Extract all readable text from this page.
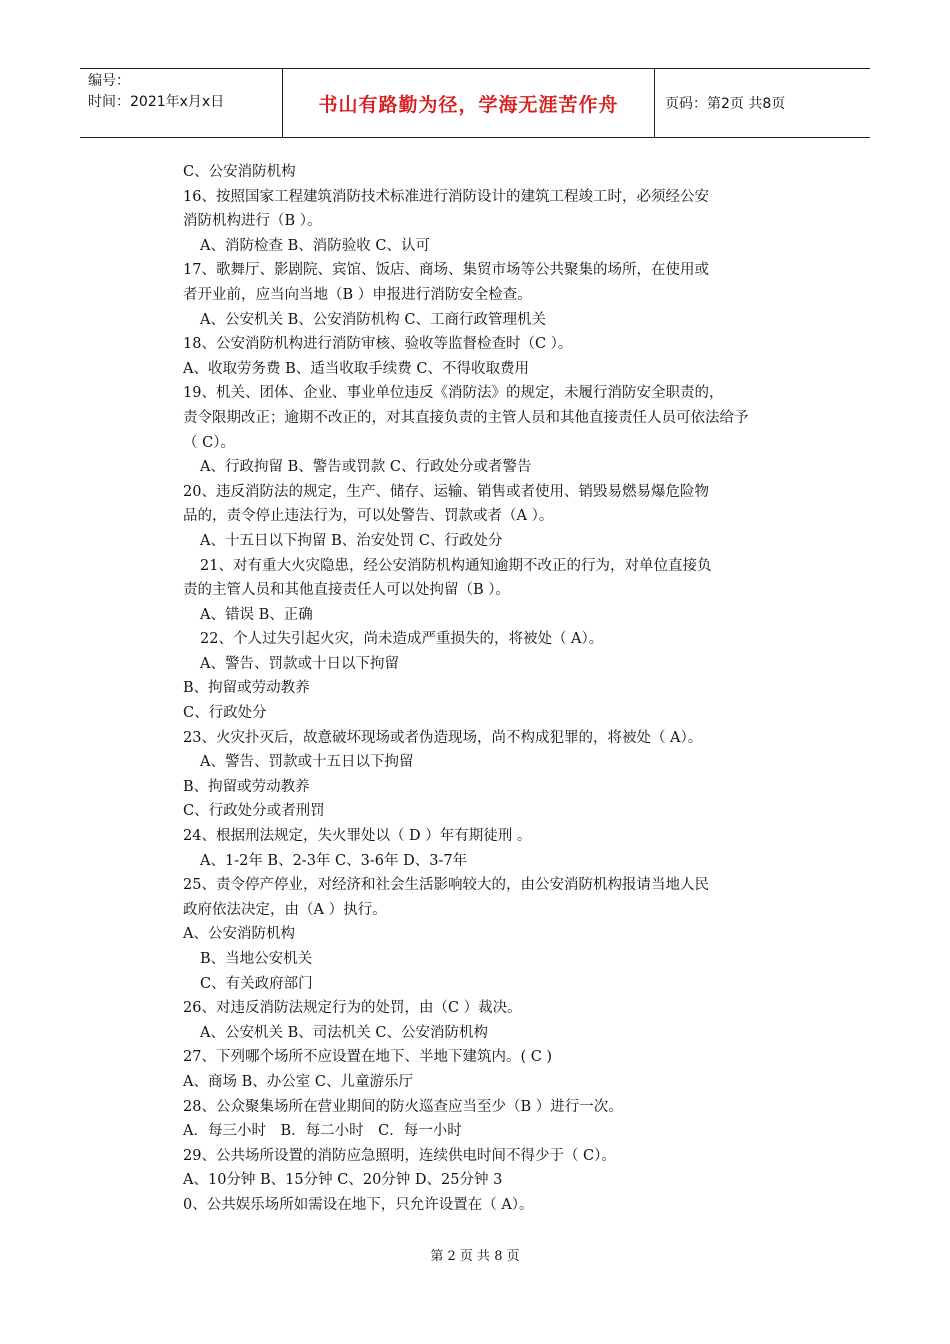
编号：
时间：2021年x月x日	书山有路勤为径，学海无涯苦作舟	页码：第2页 共8页
C、公安消防机构
16、按照国家工程建筑消防技术标准进行消防设计的建筑工程竣工时，必须经公安
消防机构进行（B ）。
A、消防检查 B、消防验收 C、认可
17、歌舞厅、影剧院、宾馆、饭店、商场、集贸市场等公共聚集的场所，在使用或
者开业前，应当向当地（B ）申报进行消防安全检查。
A、公安机关 B、公安消防机构 C、工商行政管理机关
18、公安消防机构进行消防审核、验收等监督检查时（C ）。
A、收取劳务费 B、适当收取手续费 C、不得收取费用
19、机关、团体、企业、事业单位违反《消防法》的规定，未履行消防安全职责的，
责令限期改正；逾期不改正的，对其直接负责的主管人员和其他直接责任人员可依法给予
（ C）。
A、行政拘留 B、警告或罚款 C、行政处分或者警告
20、违反消防法的规定，生产、储存、运输、销售或者使用、销毁易燃易爆危险物
品的，责令停止违法行为，可以处警告、罚款或者（A ）。
A、十五日以下拘留 B、治安处罚 C、行政处分
21、对有重大火灾隐患，经公安消防机构通知逾期不改正的行为，对单位直接负
责的主管人员和其他直接责任人可以处拘留（B ）。
A、错误 B、正确
22、个人过失引起火灾，尚未造成严重损失的，将被处（ A）。
A、警告、罚款或十日以下拘留
B、拘留或劳动教养
C、行政处分
23、火灾扑灭后，故意破坏现场或者伪造现场，尚不构成犯罪的，将被处（ A）。
A、警告、罚款或十五日以下拘留
B、拘留或劳动教养
C、行政处分或者刑罚
24、根据刑法规定，失火罪处以（ D ）年有期徒刑 。
A、1-2年 B、2-3年 C、3-6年 D、3-7年
25、责令停产停业，对经济和社会生活影响较大的，由公安消防机构报请当地人民
政府依法决定，由（A ）执行。
A、公安消防机构
B、当地公安机关
C、有关政府部门
26、对违反消防法规定行为的处罚，由（C ）裁决。
A、公安机关 B、司法机关 C、公安消防机构
27、下列哪个场所不应设置在地下、半地下建筑内。( C )
A、商场 B、办公室 C、儿童游乐厅
28、公众聚集场所在营业期间的防火巡查应当至少（B ）进行一次。
A．每三小时　B．每二小时　C．每一小时
29、公共场所设置的消防应急照明，连续供电时间不得少于（ C）。
A、10分钟 B、15分钟 C、20分钟 D、25分钟 3
0、公共娱乐场所如需设在地下，只允许设置在（ A）。
第 2 页 共 8 页
